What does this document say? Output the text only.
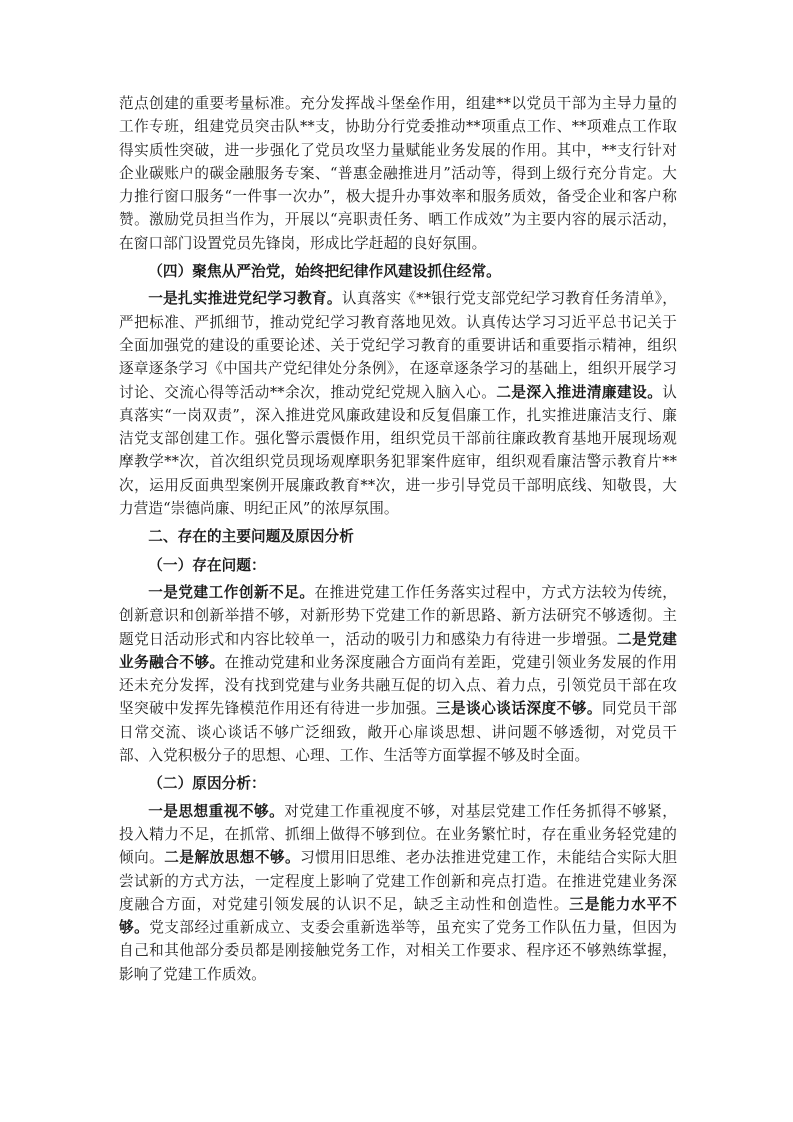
范点创建的重要考量标准。充分发挥战斗堡垒作用，组建**以党员干部为主导力量的工作专班，组建党员突击队**支，协助分行党委推动**项重点工作、**项难点工作取得实质性突破，进一步强化了党员攻坚力量赋能业务发展的作用。其中，**支行针对企业碳账户的碳金融服务专案、“普惠金融推进月”活动等，得到上级行充分肯定。大力推行窗口服务“一件事一次办”，极大提升办事效率和服务质效，备受企业和客户称赞。激励党员担当作为，开展以“亮职责任务、晒工作成效”为主要内容的展示活动，在窗口部门设置党员先锋岗，形成比学赶超的良好氛围。

（四）聚焦从严治党，始终把纪律作风建设抓住经常。

一是扎实推进党纪学习教育。认真落实《**银行党支部党纪学习教育任务清单》，严把标准、严抓细节，推动党纪学习教育落地见效。认真传达学习习近平总书记关于全面加强党的建设的重要论述、关于党纪学习教育的重要讲话和重要指示精神，组织逐章逐条学习《中国共产党纪律处分条例》，在逐章逐条学习的基础上，组织开展学习讨论、交流心得等活动**余次，推动党纪党规入脑入心。二是深入推进清廉建设。认真落实“一岗双责”，深入推进党风廉政建设和反复倡廉工作，扎实推进廉洁支行、廉洁党支部创建工作。强化警示震慑作用，组织党员干部前往廉政教育基地开展现场观摩教学**次，首次组织党员现场观摩职务犯罪案件庭审，组织观看廉洁警示教育片**次，运用反面典型案例开展廉政教育**次，进一步引导党员干部明底线、知敬畏，大力营造“崇德尚廉、明纪正风”的浓厚氛围。

二、存在的主要问题及原因分析

（一）存在问题：

一是党建工作创新不足。在推进党建工作任务落实过程中，方式方法较为传统，创新意识和创新举措不够，对新形势下党建工作的新思路、新方法研究不够透彻。主题党日活动形式和内容比较单一，活动的吸引力和感染力有待进一步增强。二是党建业务融合不够。在推动党建和业务深度融合方面尚有差距，党建引领业务发展的作用还未充分发挥，没有找到党建与业务共融互促的切入点、着力点，引领党员干部在攻坚突破中发挥先锋模范作用还有待进一步加强。三是谈心谈话深度不够。同党员干部日常交流、谈心谈话不够广泛细致，敞开心扉谈思想、讲问题不够透彻，对党员干部、入党积极分子的思想、心理、工作、生活等方面掌握不够及时全面。

（二）原因分析：

一是思想重视不够。对党建工作重视度不够，对基层党建工作任务抓得不够紧，投入精力不足，在抓常、抓细上做得不够到位。在业务繁忙时，存在重业务轻党建的倾向。二是解放思想不够。习惯用旧思维、老办法推进党建工作，未能结合实际大胆尝试新的方式方法，一定程度上影响了党建工作创新和亮点打造。在推进党建业务深度融合方面，对党建引领发展的认识不足，缺乏主动性和创造性。三是能力水平不够。党支部经过重新成立、支委会重新选举等，虽充实了党务工作队伍力量，但因为自己和其他部分委员都是刚接触党务工作，对相关工作要求、程序还不够熟练掌握，影响了党建工作质效。
